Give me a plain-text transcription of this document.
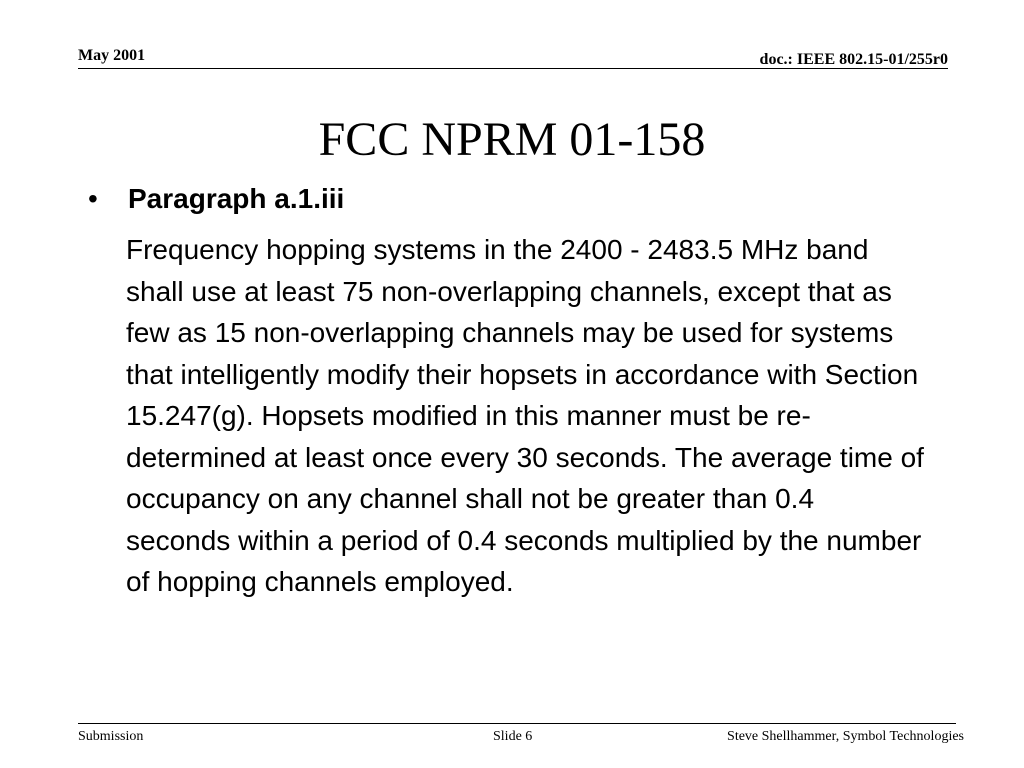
May 2001	doc.: IEEE 802.15-01/255r0
FCC NPRM 01-158
•	Paragraph a.1.iii
Frequency hopping systems in the 2400 - 2483.5 MHz band shall use at least 75 non-overlapping channels, except that as few as 15 non-overlapping channels may be used for systems that intelligently modify their hopsets in accordance with Section 15.247(g). Hopsets modified in this manner must be re-determined at least once every 30 seconds. The average time of occupancy on any channel shall not be greater than 0.4 seconds within a period of 0.4 seconds multiplied by the number of hopping channels employed.
Submission	Slide 6	Steve Shellhammer, Symbol Technologies
